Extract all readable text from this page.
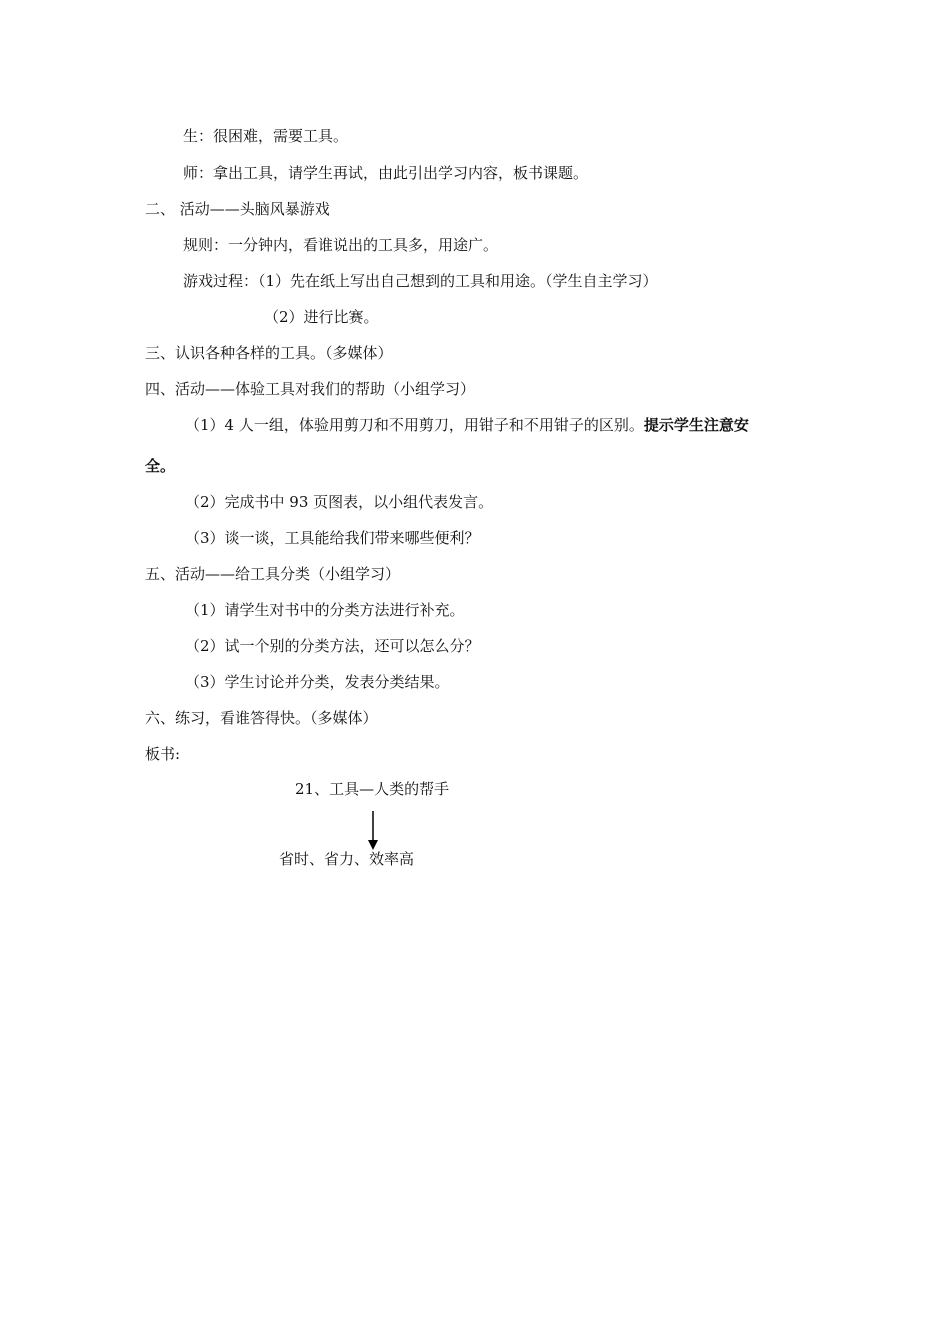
生：很困难，需要工具。
师：拿出工具，请学生再试，由此引出学习内容，板书课题。
二、 活动——头脑风暴游戏
规则：一分钟内，看谁说出的工具多，用途广。
游戏过程：（1）先在纸上写出自己想到的工具和用途。（学生自主学习）
（2）进行比赛。
三、认识各种各样的工具。（多媒体）
四、活动——体验工具对我们的帮助（小组学习）
（1）4 人一组，体验用剪刀和不用剪刀，用钳子和不用钳子的区别。提示学生注意安
全。
（2）完成书中 93 页图表，以小组代表发言。
（3）谈一谈，工具能给我们带来哪些便利？
五、活动——给工具分类（小组学习）
（1）请学生对书中的分类方法进行补充。
（2）试一个别的分类方法，还可以怎么分？
（3）学生讨论并分类，发表分类结果。
六、练习，看谁答得快。（多媒体）
板书:
21、工具—人类的帮手
省时、省力、效率高
